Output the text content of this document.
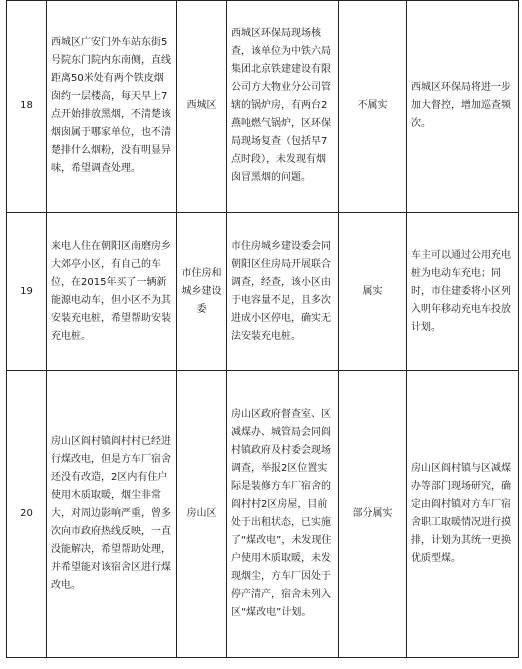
18	西城区广安门外车站东街5号院东门院内东南侧，直线距离50米处有两个铁皮烟囱约一层楼高，每天早上7点开始排放黑烟，不清楚该烟囱属于哪家单位，也不清楚排什么烟粉，没有明显异味，希望调查处理。	西城区	西城区环保局现场核查，该单位为中铁六局集团北京铁建建设有限公司方大物业分公司管辖的锅炉房，有两台2燕吨燃气锅炉，区环保局现场复查（包括早7点时段），未发现有烟囱冒黑烟的问题。	不属实	西城区环保局将进一步加大督控，增加巡查频次。
19	来电人住在朝阳区南磨房乡大郊亭小区，有自己的车位，在2015年买了一辆新能源电动车，但小区不为其安装充电桩，希望帮助安装充电桩。	市住房和城乡建设委	市住房城乡建设委会同朝阳区住房局开展联合调查，经查，该小区由于电容量不足，且多次进成小区停电，确实无法安装充电桩。	属实	车主可以通过公用充电桩为电动车充电；同时，市住建委将小区列入明年移动充电车投放计划。
20	房山区阎村镇阎村村已经进行煤改电，但是方车厂宿舍还没有改造，2区内有住户使用木质取暖，烟尘非常大，对周边影响严重，曾多次向市政府热线反映，一直没能解决，希望帮助处理，并希望能对该宿舍区进行煤改电。	房山区	房山区政府督查室、区减煤办、城管局会同阎村镇政府及村委会现场调查，举报2区位置实际是装修方车厂宿舍的阎村村2区房屋，目前处于出租状态，已实施了“煤改电”，未发现住户使用木质取暖，未发现烟尘，方车厂因处于停产清产，宿舍未列入区“煤改电”计划。	部分属实	房山区阎村镇与区减煤办等部门现场研究，确定由阎村镇对方车厂宿舍职工取暖情况进行摸排，计划为其统一更换优质型煤。
